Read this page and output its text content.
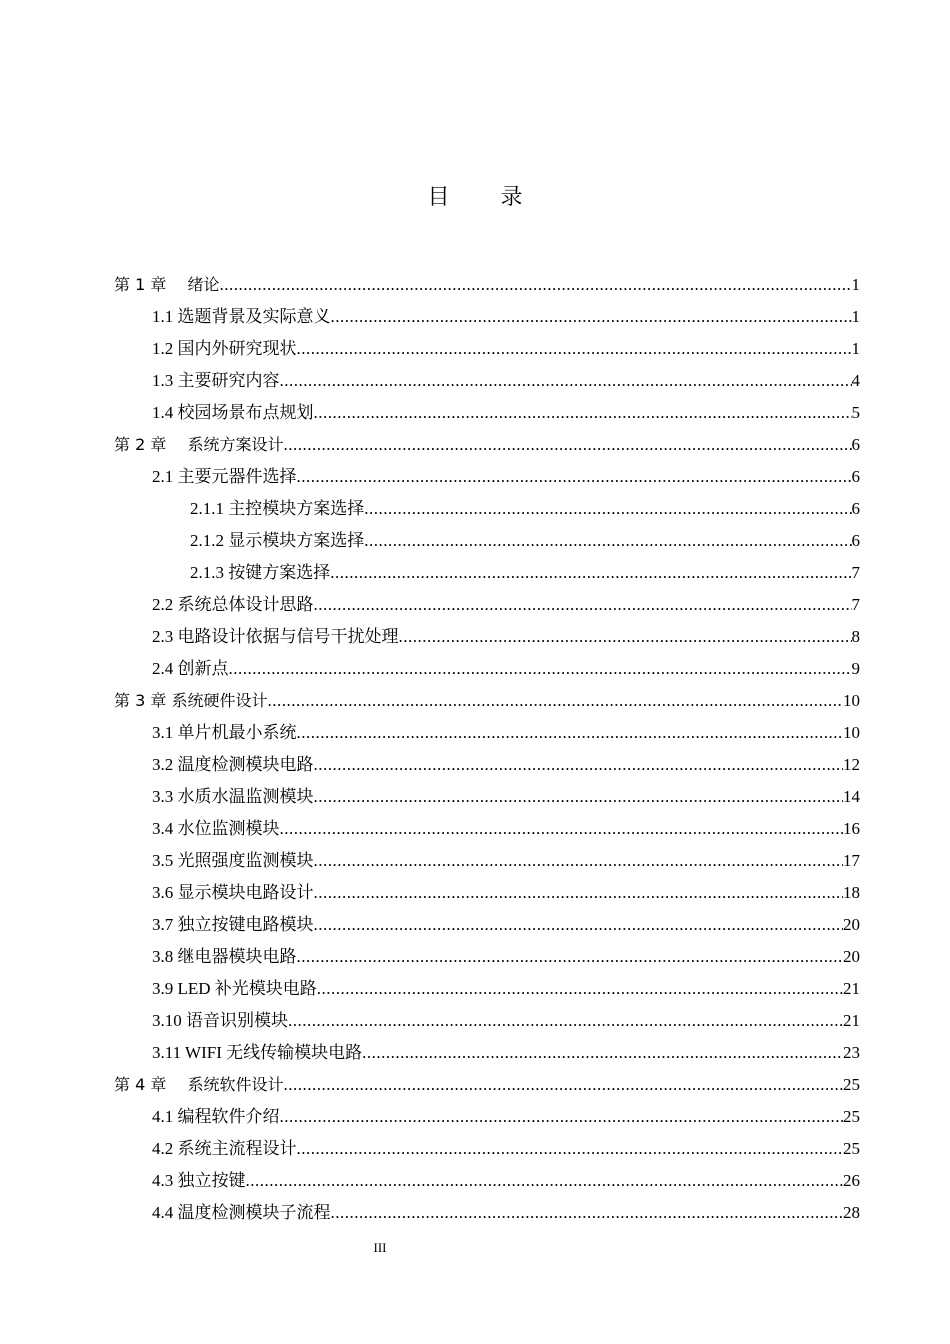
目 录
第 1 章　 绪论 .....	1
1.1 选题背景及实际意义 .....	1
1.2 国内外研究现状 .....	1
1.3 主要研究内容 .....	4
1.4 校园场景布点规划 .....	5
第 2 章　 系统方案设计 .....	6
2.1 主要元器件选择 .....	6
2.1.1 主控模块方案选择 .....	6
2.1.2 显示模块方案选择 .....	6
2.1.3 按键方案选择 .....	7
2.2 系统总体设计思路 .....	7
2.3 电路设计依据与信号干扰处理 .....	8
2.4 创新点 .....	9
第 3 章 系统硬件设计 .....	10
3.1 单片机最小系统 .....	10
3.2 温度检测模块电路 .....	12
3.3 水质水温监测模块 .....	14
3.4 水位监测模块 .....	16
3.5 光照强度监测模块 .....	17
3.6 显示模块电路设计 .....	18
3.7 独立按键电路模块 .....	20
3.8 继电器模块电路 .....	20
3.9 LED 补光模块电路 .....	21
3.10 语音识别模块 .....	21
3.11 WIFI 无线传输模块电路 .....	23
第 4 章　 系统软件设计 .....	25
4.1 编程软件介绍 .....	25
4.2 系统主流程设计 .....	25
4.3 独立按键 .....	26
4.4 温度检测模块子流程 .....	28
III
